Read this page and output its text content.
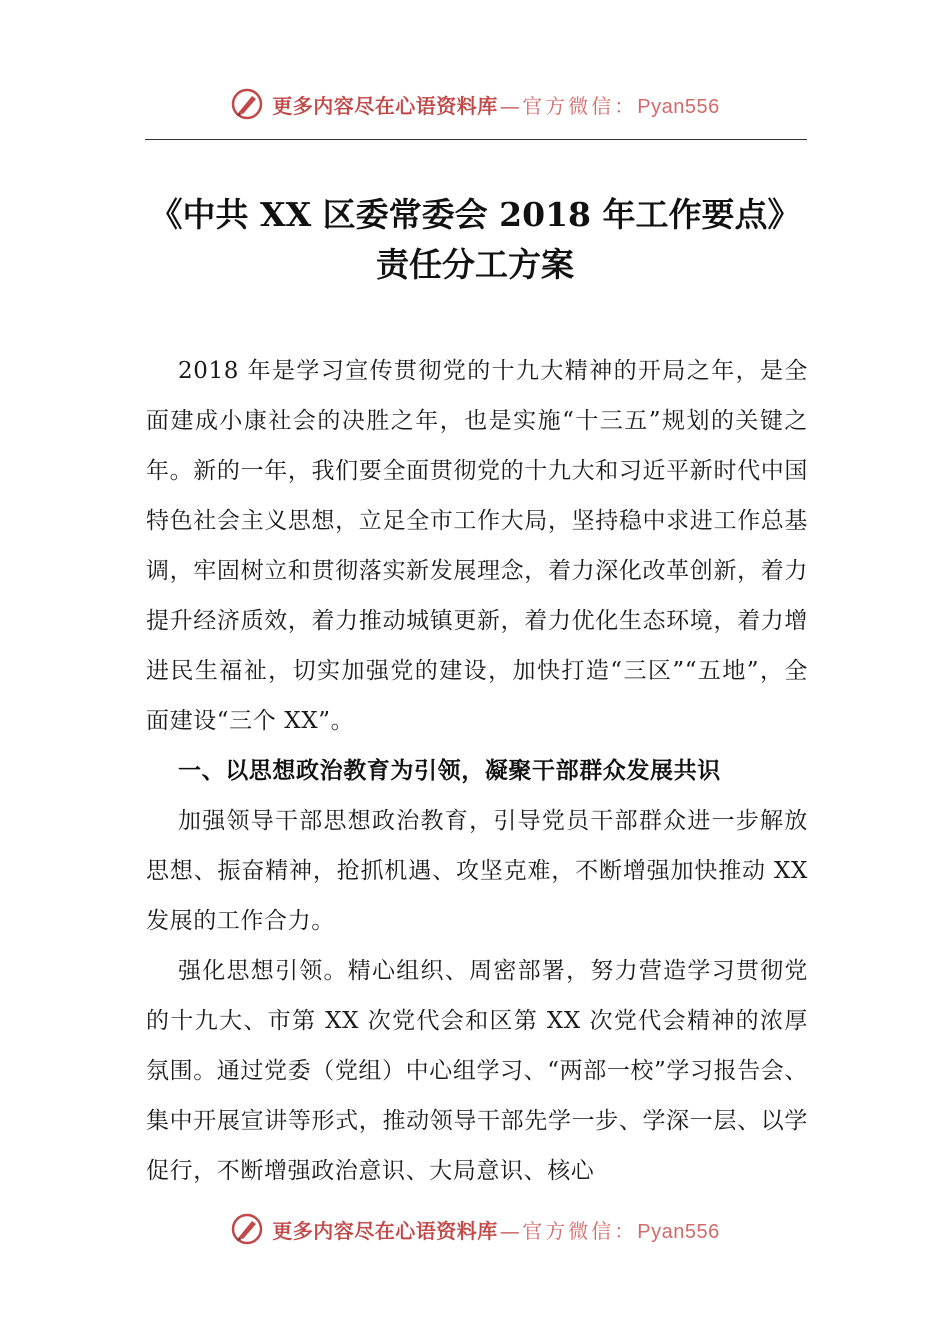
更多内容尽在心语资料库 — 官方微信： Pyan556
《中共 XX 区委常委会 2018 年工作要点》
责任分工方案

2018 年是学习宣传贯彻党的十九大精神的开局之年，是全面建成小康社会的决胜之年，也是实施“十三五”规划的关键之年。新的一年，我们要全面贯彻党的十九大和习近平新时代中国特色社会主义思想，立足全市工作大局，坚持稳中求进工作总基调，牢固树立和贯彻落实新发展理念，着力深化改革创新，着力提升经济质效，着力推动城镇更新，着力优化生态环境，着力增进民生福祉，切实加强党的建设，加快打造“三区”“五地”，全面建设“三个 XX”。

一、以思想政治教育为引领，凝聚干部群众发展共识

加强领导干部思想政治教育，引导党员干部群众进一步解放思想、振奋精神，抢抓机遇、攻坚克难，不断增强加快推动 XX 发展的工作合力。

强化思想引领。精心组织、周密部署，努力营造学习贯彻党的十九大、市第 XX 次党代会和区第 XX 次党代会精神的浓厚氛围。通过党委（党组）中心组学习、“两部一校”学习报告会、集中开展宣讲等形式，推动领导干部先学一步、学深一层、以学促行，不断增强政治意识、大局意识、核心

更多内容尽在心语资料库 — 官方微信： Pyan556
